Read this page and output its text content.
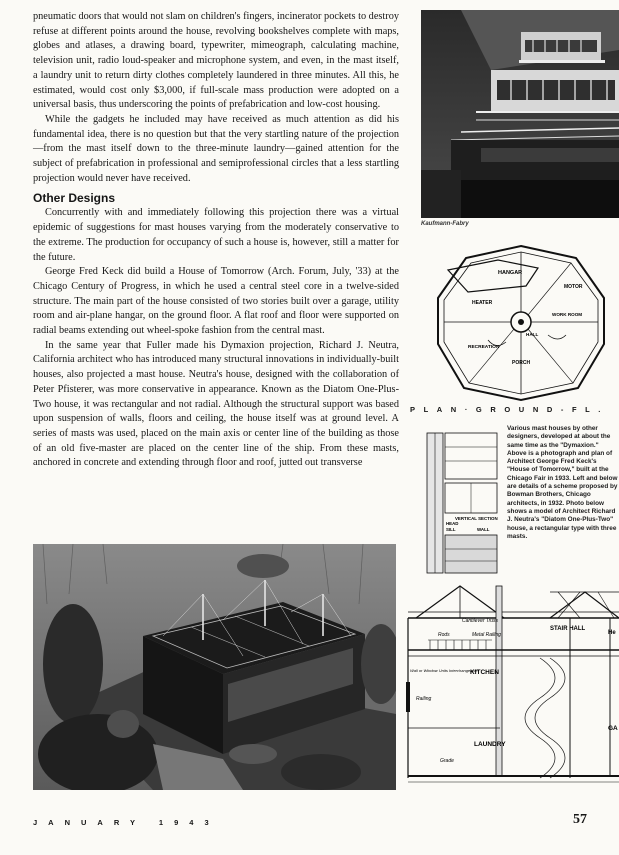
pneumatic doors that would not slam on children's fingers, incinerator pockets to destroy refuse at different points around the house, revolving bookshelves complete with maps, globes and atlases, a drawing board, typewriter, mimeograph, calculating machine, television unit, radio loud-speaker and microphone system, and even, in the mast itself, a laundry unit to return dirty clothes completely laundered in three minutes. All this, he estimated, would cost only $3,000, if full-scale mass production were adopted on a universal basis, thus underscoring the points of prefabrication and low-cost housing.

While the gadgets he included may have received as much attention as did his fundamental idea, there is no question but that the very startling nature of the projection—from the mast itself down to the three-minute laundry—gained attention for the subject of prefabrication in professional and semiprofessional circles that a less startling projection would never have received.

Other Designs

Concurrently with and immediately following this projection there was a virtual epidemic of suggestions for mast houses varying from the moderately conservative to the extreme. The production for occupancy of such a house is, however, still a matter for the future.

George Fred Keck did build a House of Tomorrow (Arch. Forum, July, '33) at the Chicago Century of Progress, in which he used a central steel core in a twelve-sided structure. The main part of the house consisted of two stories built over a garage, utility room and air-plane hangar, on the ground floor. A flat roof and floor were supported on radial beams extending out wheel-spoke fashion from the central mast.

In the same year that Fuller made his Dymaxion projection, Richard J. Neutra, California architect who has introduced many structural innovations in individually-built houses, also projected a mast house. Neutra's house, designed with the collaboration of Peter Pfisterer, was more conservative in appearance. Known as the Diatom One-Plus-Two house, it was rectangular and not radial. Although the structural support was based upon suspension of walls, floors and ceiling, the house itself was at ground level. A series of masts was used, placed on the main axis or center line of the building as those of an old five-master are placed on the center line of the ship. From these masts, anchored in concrete and extending through floor and roof, jutted out transverse

Kaufmann-Fabry
HANGAR
MOTOR
HEATER
WORK ROOM
HALL
RECREATION
PORCH
PLAN·GROUND-FL.
HEAD
SILL
VERTICAL SECTION
WALL
Various mast houses by other designers, developed at about the same time as the "Dymaxion." Above is a photograph and plan of Architect George Fred Keck's "House of Tomorrow," built at the Chicago Fair in 1933. Left and below are details of a scheme proposed by Bowman Brothers, Chicago architects, in 1932. Photo below shows a model of Architect Richard J. Neutra's "Diatom One-Plus-Two" house, a rectangular type with three masts.
Cantilever Truss
STAIR HALL
Rods	Metal Railing
Wall or Window Units Interchangeable
KITCHEN
Railing
LAUNDRY
Grade
He
GA
JANUARY 1943	57
